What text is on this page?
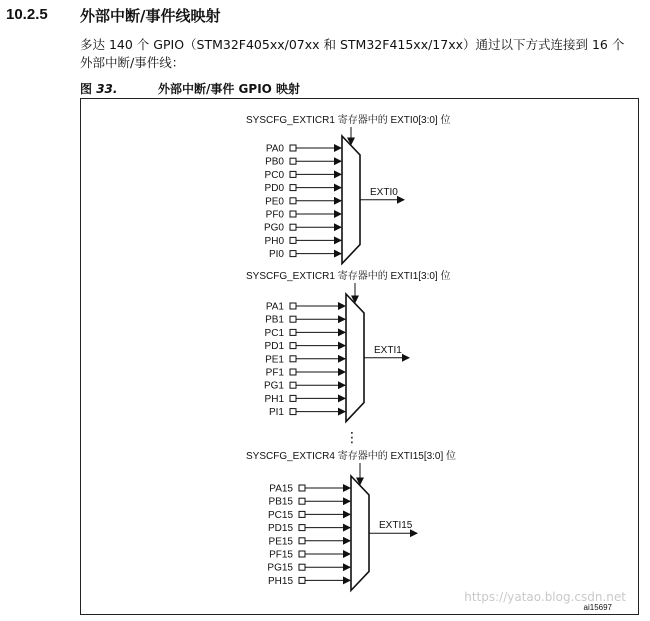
10.2.5 外部中断/事件线映射
多达 140 个 GPIO（STM32F405xx/07xx 和 STM32F415xx/17xx）通过以下方式连接到 16 个
外部中断/事件线：
图 33.	外部中断/事件 GPIO 映射
SYSCFG_EXTICR1 寄存器中的 EXTI0[3:0] 位
PA0
PB0
PC0
PD0
PE0
PF0
PG0
PH0
PI0
EXTI0
SYSCFG_EXTICR1 寄存器中的 EXTI1[3:0] 位
PA1
PB1
PC1
PD1
PE1
PF1
PG1
PH1
PI1
EXTI1
SYSCFG_EXTICR4 寄存器中的 EXTI15[3:0] 位
PA15
PB15
PC15
PD15
PE15
PF15
PG15
PH15
EXTI15
⋮
ai15697
https://yatao.blog.csdn.net
